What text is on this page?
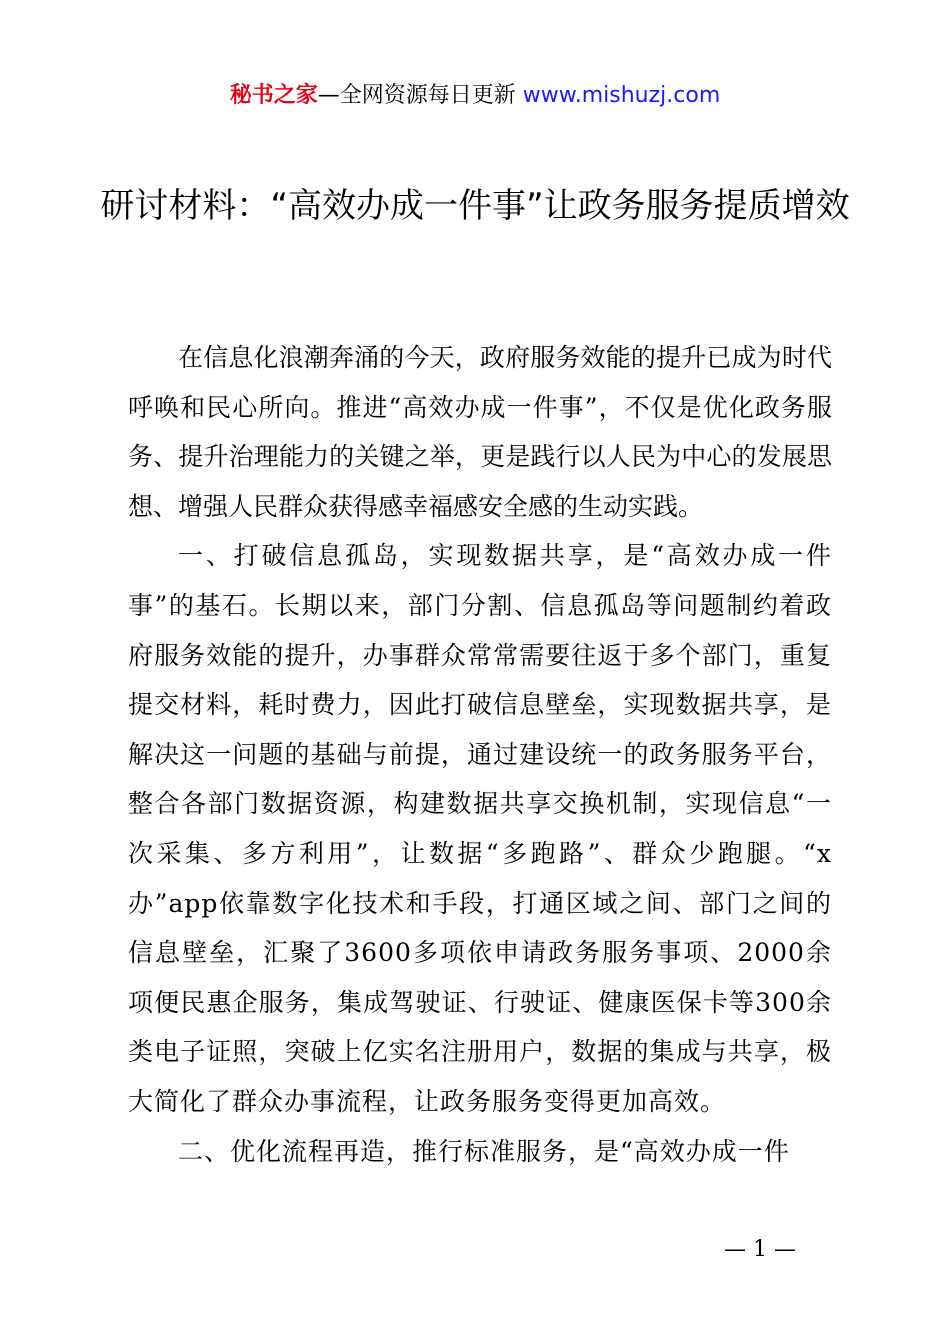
秘书之家—全网资源每日更新 www.mishuzj.com
研讨材料：“高效办成一件事”让政务服务提质增效

在信息化浪潮奔涌的今天，政府服务效能的提升已成为时代呼唤和民心所向。推进“高效办成一件事”，不仅是优化政务服务、提升治理能力的关键之举，更是践行以人民为中心的发展思想、增强人民群众获得感幸福感安全感的生动实践。

一、打破信息孤岛，实现数据共享，是“高效办成一件事”的基石。长期以来，部门分割、信息孤岛等问题制约着政府服务效能的提升，办事群众常常需要往返于多个部门，重复提交材料，耗时费力，因此打破信息壁垒，实现数据共享，是解决这一问题的基础与前提，通过建设统一的政务服务平台，整合各部门数据资源，构建数据共享交换机制，实现信息“一次采集、多方利用”，让数据“多跑路”、群众少跑腿。“x办”app依靠数字化技术和手段，打通区域之间、部门之间的信息壁垒，汇聚了3600多项依申请政务服务事项、2000余项便民惠企服务，集成驾驶证、行驶证、健康医保卡等300余类电子证照，突破上亿实名注册用户，数据的集成与共享，极大简化了群众办事流程，让政务服务变得更加高效。

二、优化流程再造，推行标准服务，是“高效办成一件

— 1 —
